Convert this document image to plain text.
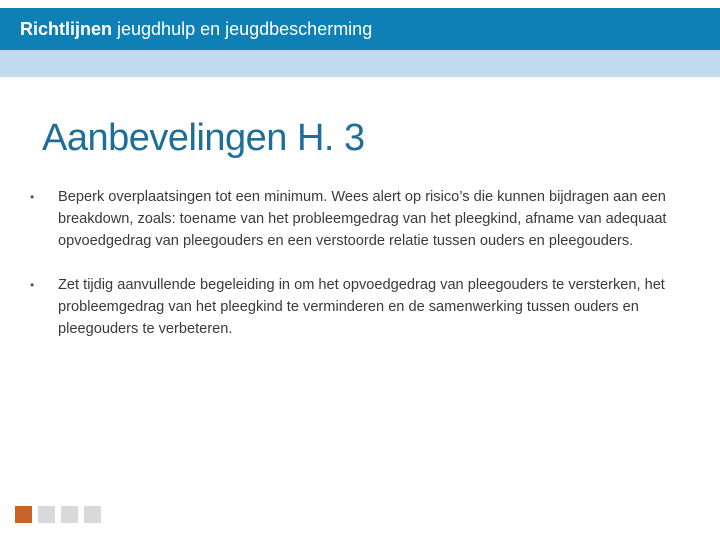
Richtlijnen jeugdhulp en jeugdbescherming
Aanbevelingen H. 3
•	Beperk overplaatsingen tot een minimum. Wees alert op risico’s die kunnen bijdragen aan een breakdown, zoals: toename van het probleemgedrag van het pleegkind, afname van adequaat opvoedgedrag van pleegouders en een verstoorde relatie tussen ouders en pleegouders.
•	Zet tijdig aanvullende begeleiding in om het opvoedgedrag van pleegouders te versterken, het probleemgedrag van het pleegkind te verminderen en de samenwerking tussen ouders en pleegouders te verbeteren.
